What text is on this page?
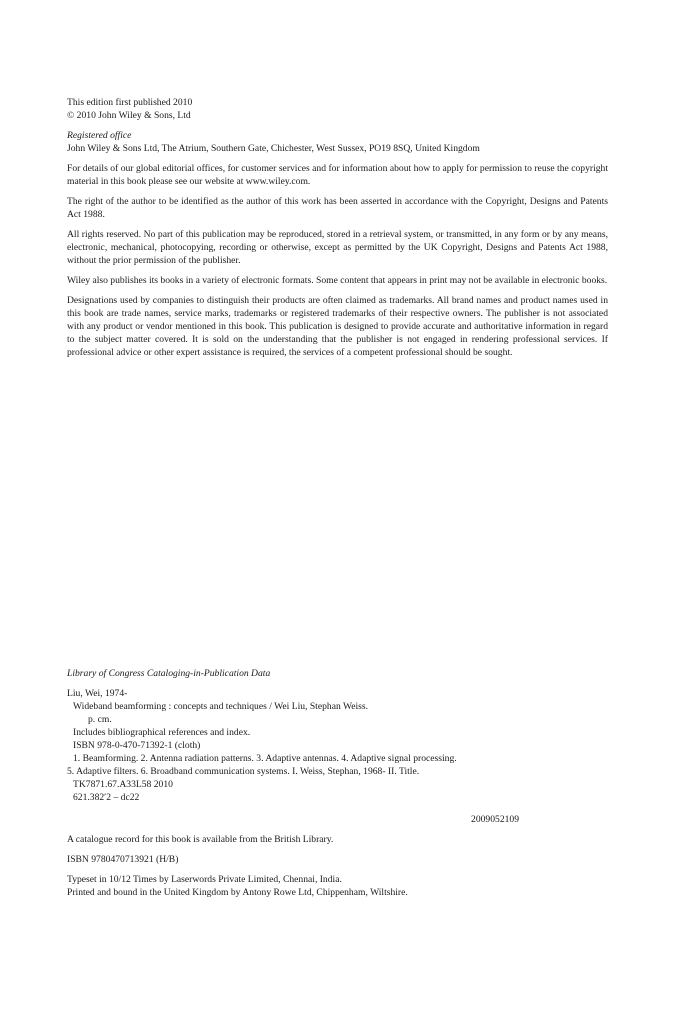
This edition first published 2010
© 2010 John Wiley & Sons, Ltd
Registered office
John Wiley & Sons Ltd, The Atrium, Southern Gate, Chichester, West Sussex, PO19 8SQ, United Kingdom

For details of our global editorial offices, for customer services and for information about how to apply for permission to reuse the copyright material in this book please see our website at www.wiley.com.

The right of the author to be identified as the author of this work has been asserted in accordance with the Copyright, Designs and Patents Act 1988.

All rights reserved. No part of this publication may be reproduced, stored in a retrieval system, or transmitted, in any form or by any means, electronic, mechanical, photocopying, recording or otherwise, except as permitted by the UK Copyright, Designs and Patents Act 1988, without the prior permission of the publisher.

Wiley also publishes its books in a variety of electronic formats. Some content that appears in print may not be available in electronic books.

Designations used by companies to distinguish their products are often claimed as trademarks. All brand names and product names used in this book are trade names, service marks, trademarks or registered trademarks of their respective owners. The publisher is not associated with any product or vendor mentioned in this book. This publication is designed to provide accurate and authoritative information in regard to the subject matter covered. It is sold on the understanding that the publisher is not engaged in rendering professional services. If professional advice or other expert assistance is required, the services of a competent professional should be sought.

Library of Congress Cataloging-in-Publication Data
Liu, Wei, 1974-
Wideband beamforming : concepts and techniques / Wei Liu, Stephan Weiss.
p. cm.
Includes bibliographical references and index.
ISBN 978-0-470-71392-1 (cloth)
1. Beamforming. 2. Antenna radiation patterns. 3. Adaptive antennas. 4. Adaptive signal processing.
5. Adaptive filters. 6. Broadband communication systems. I. Weiss, Stephan, 1968- II. Title.
TK7871.67.A33L58 2010
621.382′2 – dc22
2009052109

A catalogue record for this book is available from the British Library.

ISBN 9780470713921 (H/B)

Typeset in 10/12 Times by Laserwords Private Limited, Chennai, India.
Printed and bound in the United Kingdom by Antony Rowe Ltd, Chippenham, Wiltshire.
